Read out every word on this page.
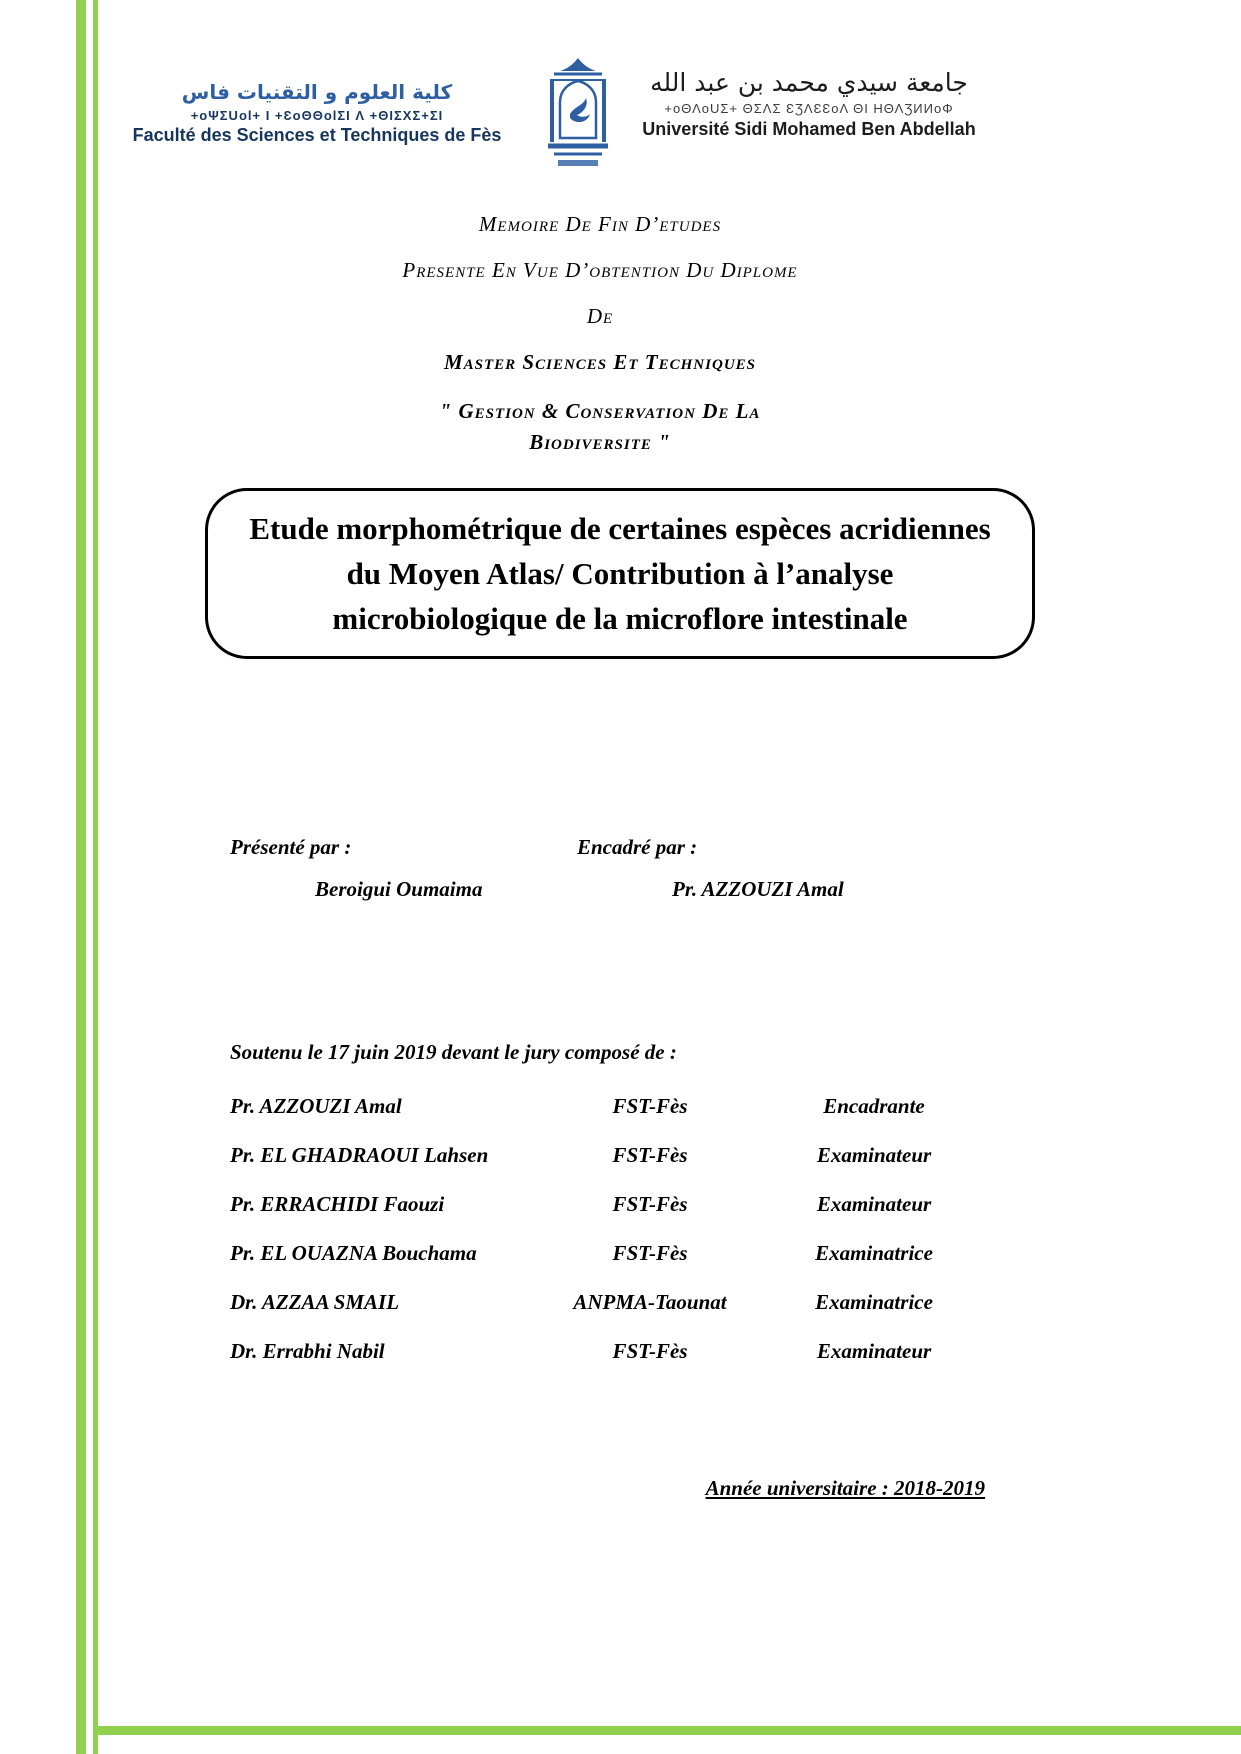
كلية العلوم و التقنيات فاس
+oΨΣUol+ I +ƐoΘΘolΣI Λ +ΘIΣXΣ+ΣI
Faculté des Sciences et Techniques de Fès
جامعة سيدي محمد بن عبد الله
+oΘΛoUΣ+ ΘΣΛΣ ƐƷΛƐƐoΛ ΘI ΗΘΛƷИИoΦ
Université Sidi Mohamed Ben Abdellah
Memoire De Fin D’etudes
Presente En Vue D’obtention Du Diplome
De
Master Sciences Et Techniques
" Gestion & Conservation De La Biodiversite "
Etude morphométrique de certaines espèces acridiennes du Moyen Atlas/ Contribution à l’analyse microbiologique de la microflore intestinale
Présenté par :	Encadré par :
Beroigui Oumaima	Pr. AZZOUZI Amal
Soutenu le 17 juin 2019 devant le jury composé de :
Pr. AZZOUZI Amal	FST-Fès	Encadrante
Pr. EL GHADRAOUI Lahsen	FST-Fès	Examinateur
Pr. ERRACHIDI Faouzi	FST-Fès	Examinateur
Pr. EL OUAZNA Bouchama	FST-Fès	Examinatrice
Dr. AZZAA SMAIL	ANPMA-Taounat	Examinatrice
Dr. Errabhi Nabil	FST-Fès	Examinateur
Année universitaire : 2018-2019
